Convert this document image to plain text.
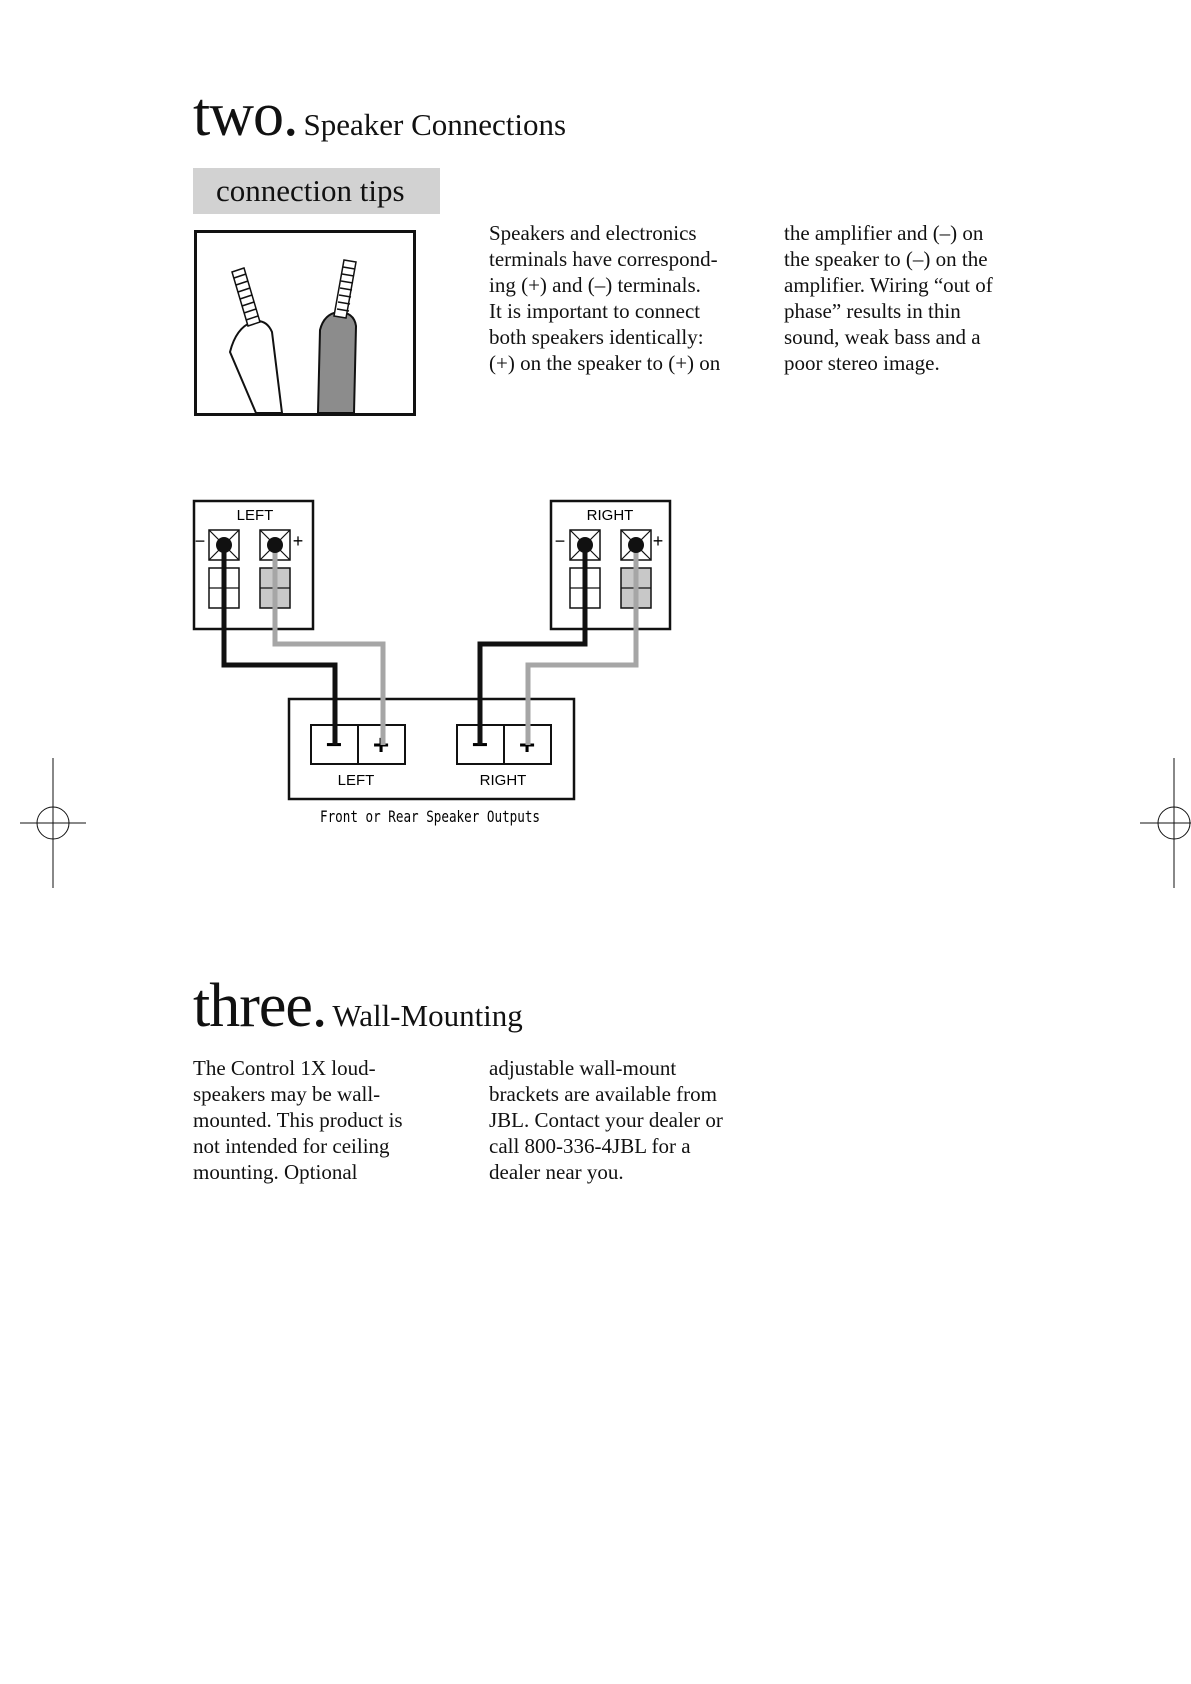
two. Speaker Connections
connection tips
Speakers and electronics
terminals have correspond-
ing (+) and (–) terminals.
It is important to connect
both speakers identically:
(+) on the speaker to (+) on
the amplifier and (–) on
the speaker to (–) on the
amplifier. Wiring “out of
phase” results in thin
sound, weak bass and a
poor stereo image.
LEFT
−	+
RIGHT
−	+
− +	− +
LEFT	RIGHT
Front or Rear Speaker Outputs
three. Wall-Mounting
The Control 1X loud-
speakers may be wall-
mounted. This product is
not intended for ceiling
mounting. Optional
adjustable wall-mount
brackets are available from
JBL. Contact your dealer or
call 800-336-4JBL for a
dealer near you.
